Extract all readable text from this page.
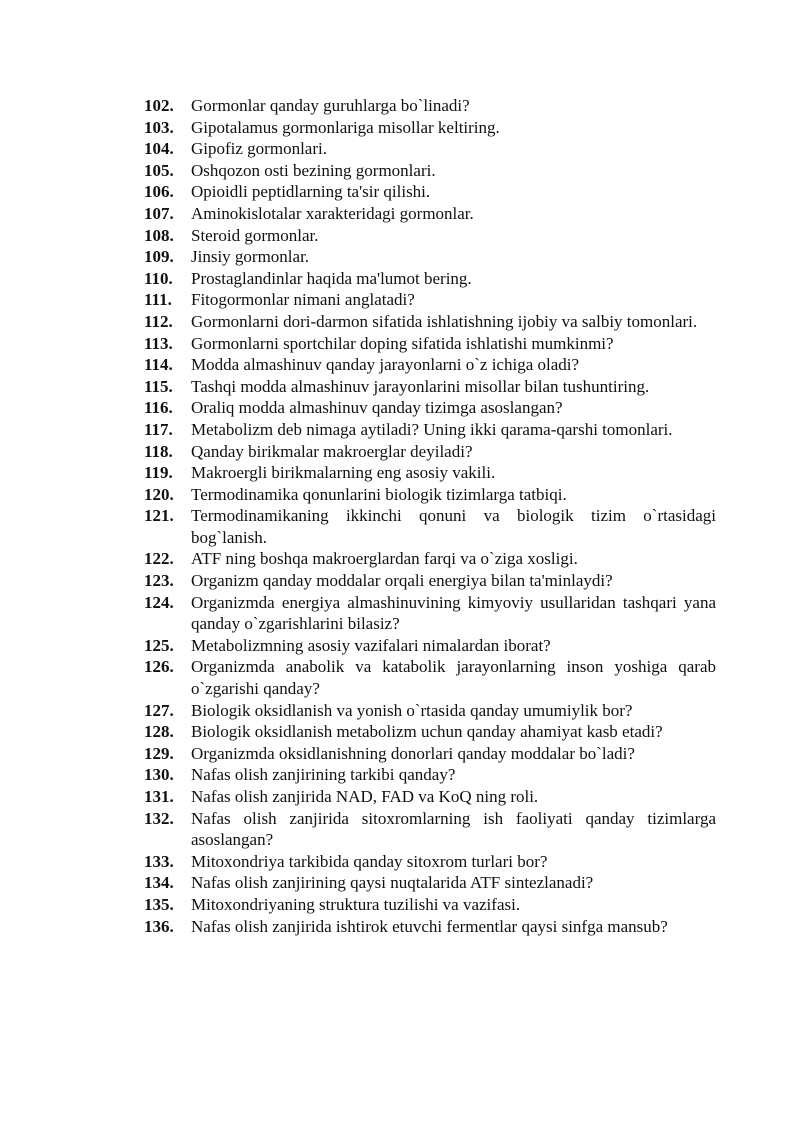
102.	Gormonlar qanday guruhlarga bo`linadi?
103.	Gipotalamus gormonlariga misollar keltiring.
104.	Gipofiz gormonlari.
105.	Oshqozon osti bezining gormonlari.
106.	Opioidli peptidlarning ta'sir qilishi.
107.	Aminokislotalar xarakteridagi gormonlar.
108.	Steroid gormonlar.
109.	Jinsiy gormonlar.
110.	Prostaglandinlar haqida ma'lumot bering.
111.	Fitogormonlar nimani anglatadi?
112.	Gormonlarni dori-darmon sifatida ishlatishning ijobiy va salbiy tomonlari.
113.	Gormonlarni sportchilar doping sifatida ishlatishi mumkinmi?
114.	Modda almashinuv qanday jarayonlarni o`z ichiga oladi?
115.	Tashqi modda almashinuv jarayonlarini misollar bilan tushuntiring.
116.	Oraliq modda almashinuv qanday tizimga asoslangan?
117.	Metabolizm deb nimaga aytiladi? Uning ikki qarama-qarshi tomonlari.
118.	Qanday birikmalar makroerglar deyiladi?
119.	Makroergli birikmalarning eng asosiy vakili.
120.	Termodinamika qonunlarini biologik tizimlarga tatbiqi.
121.	Termodinamikaning ikkinchi qonuni va biologik tizim o`rtasidagi bog`lanish.
122.	ATF ning boshqa makroerglardan farqi va o`ziga xosligi.
123.	Organizm qanday moddalar orqali energiya bilan ta'minlaydi?
124.	Organizmda energiya almashinuvining kimyoviy usullaridan tashqari yana qanday o`zgarishlarini bilasiz?
125.	Metabolizmning asosiy vazifalari nimalardan iborat?
126.	Organizmda anabolik va katabolik jarayonlarning inson yoshiga qarab o`zgarishi qanday?
127.	Biologik oksidlanish va yonish o`rtasida qanday umumiylik bor?
128.	Biologik oksidlanish metabolizm uchun qanday ahamiyat kasb etadi?
129.	Organizmda oksidlanishning donorlari qanday moddalar bo`ladi?
130.	Nafas olish zanjirining tarkibi qanday?
131.	Nafas olish zanjirida NAD, FAD va KoQ ning roli.
132.	Nafas olish zanjirida sitoxromlarning ish faoliyati qanday tizimlarga asoslangan?
133.	Mitoxondriya tarkibida qanday sitoxrom turlari bor?
134.	Nafas olish zanjirining qaysi nuqtalarida ATF sintezlanadi?
135.	Mitoxondriyaning struktura tuzilishi va vazifasi.
136.	Nafas olish zanjirida ishtirok etuvchi fermentlar qaysi sinfga mansub?
